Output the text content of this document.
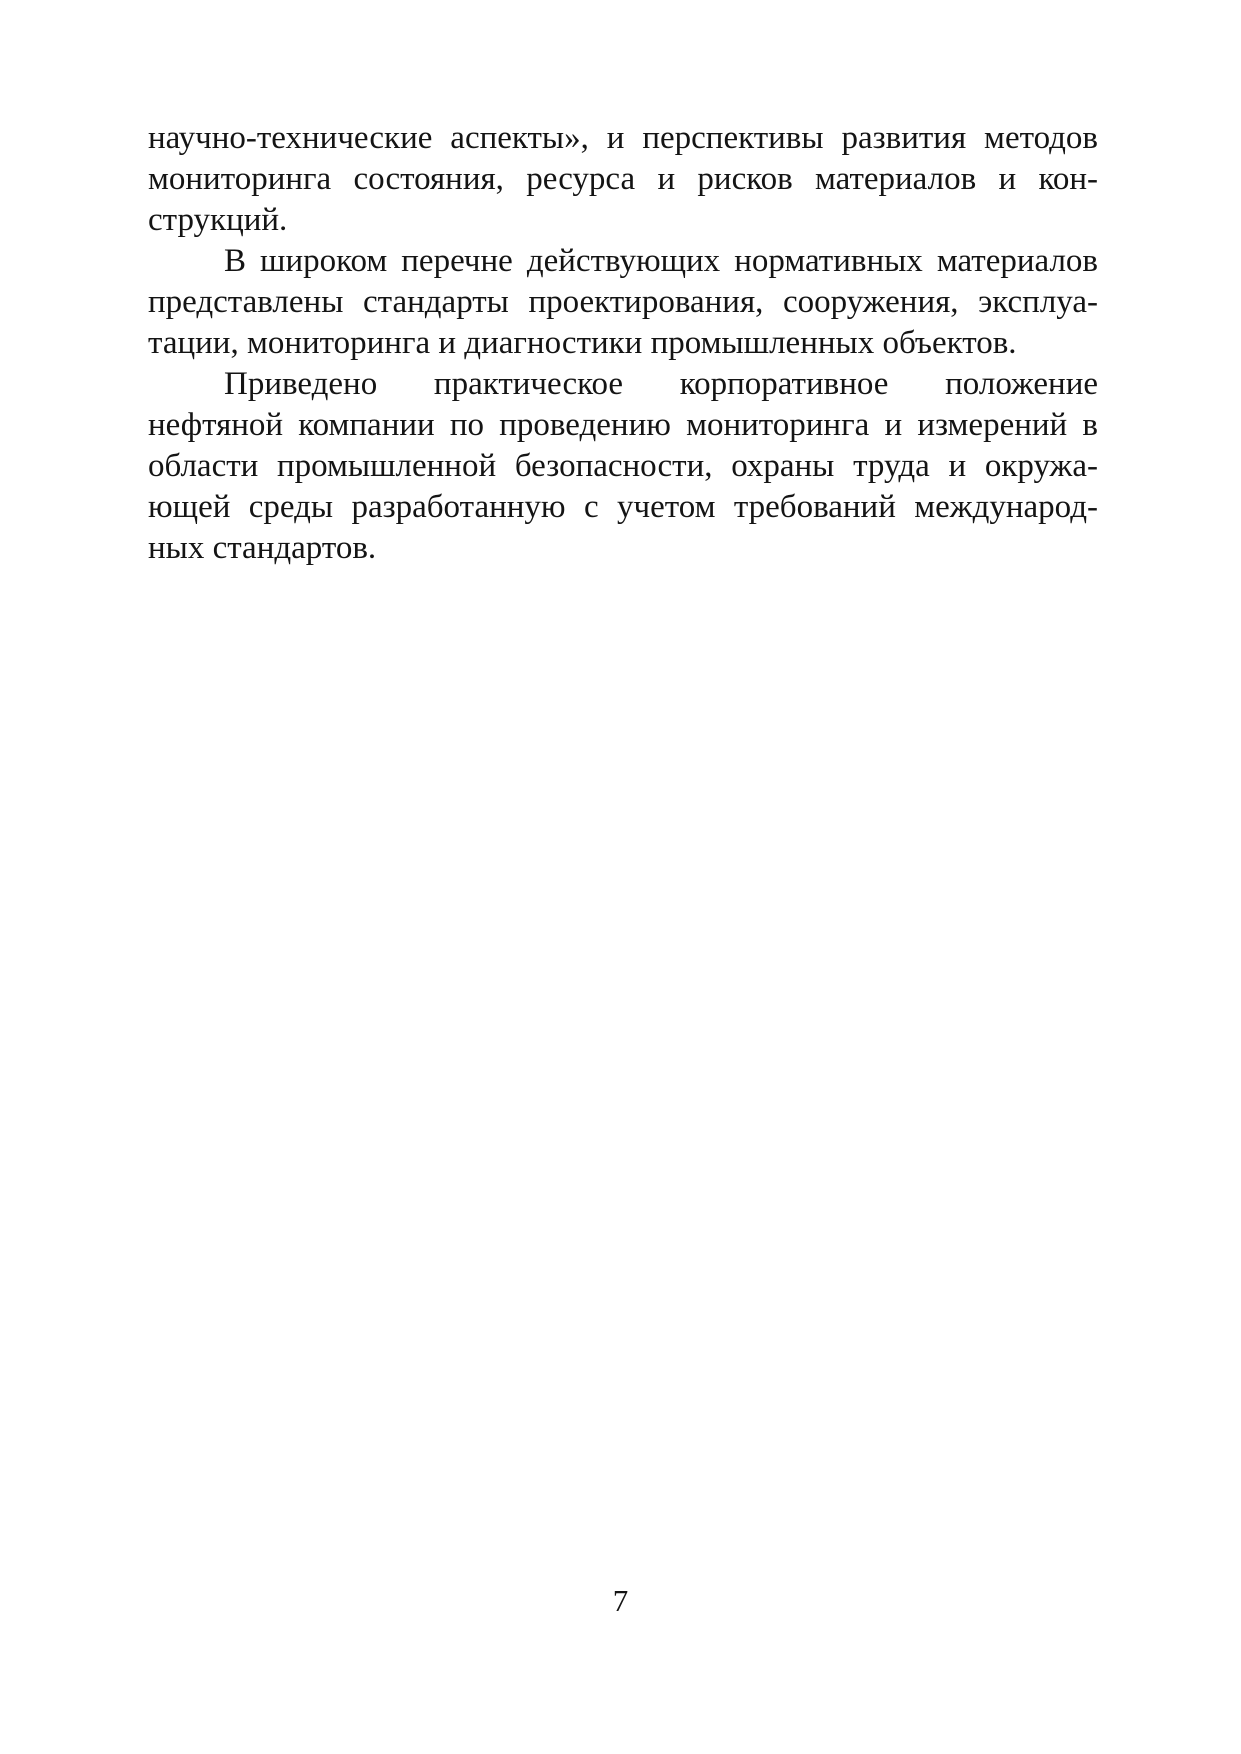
научно-технические аспекты», и перспективы развития методов
мониторинга состояния, ресурса и рисков материалов и кон-
струкций.
В широком перечне действующих нормативных материалов
представлены стандарты проектирования, сооружения, эксплуа-
тации, мониторинга и диагностики промышленных объектов.
Приведено практическое корпоративное положение
нефтяной компании по проведению мониторинга и измерений в
области промышленной безопасности, охраны труда и окружа-
ющей среды разработанную с учетом требований международ-
ных стандартов.
7
